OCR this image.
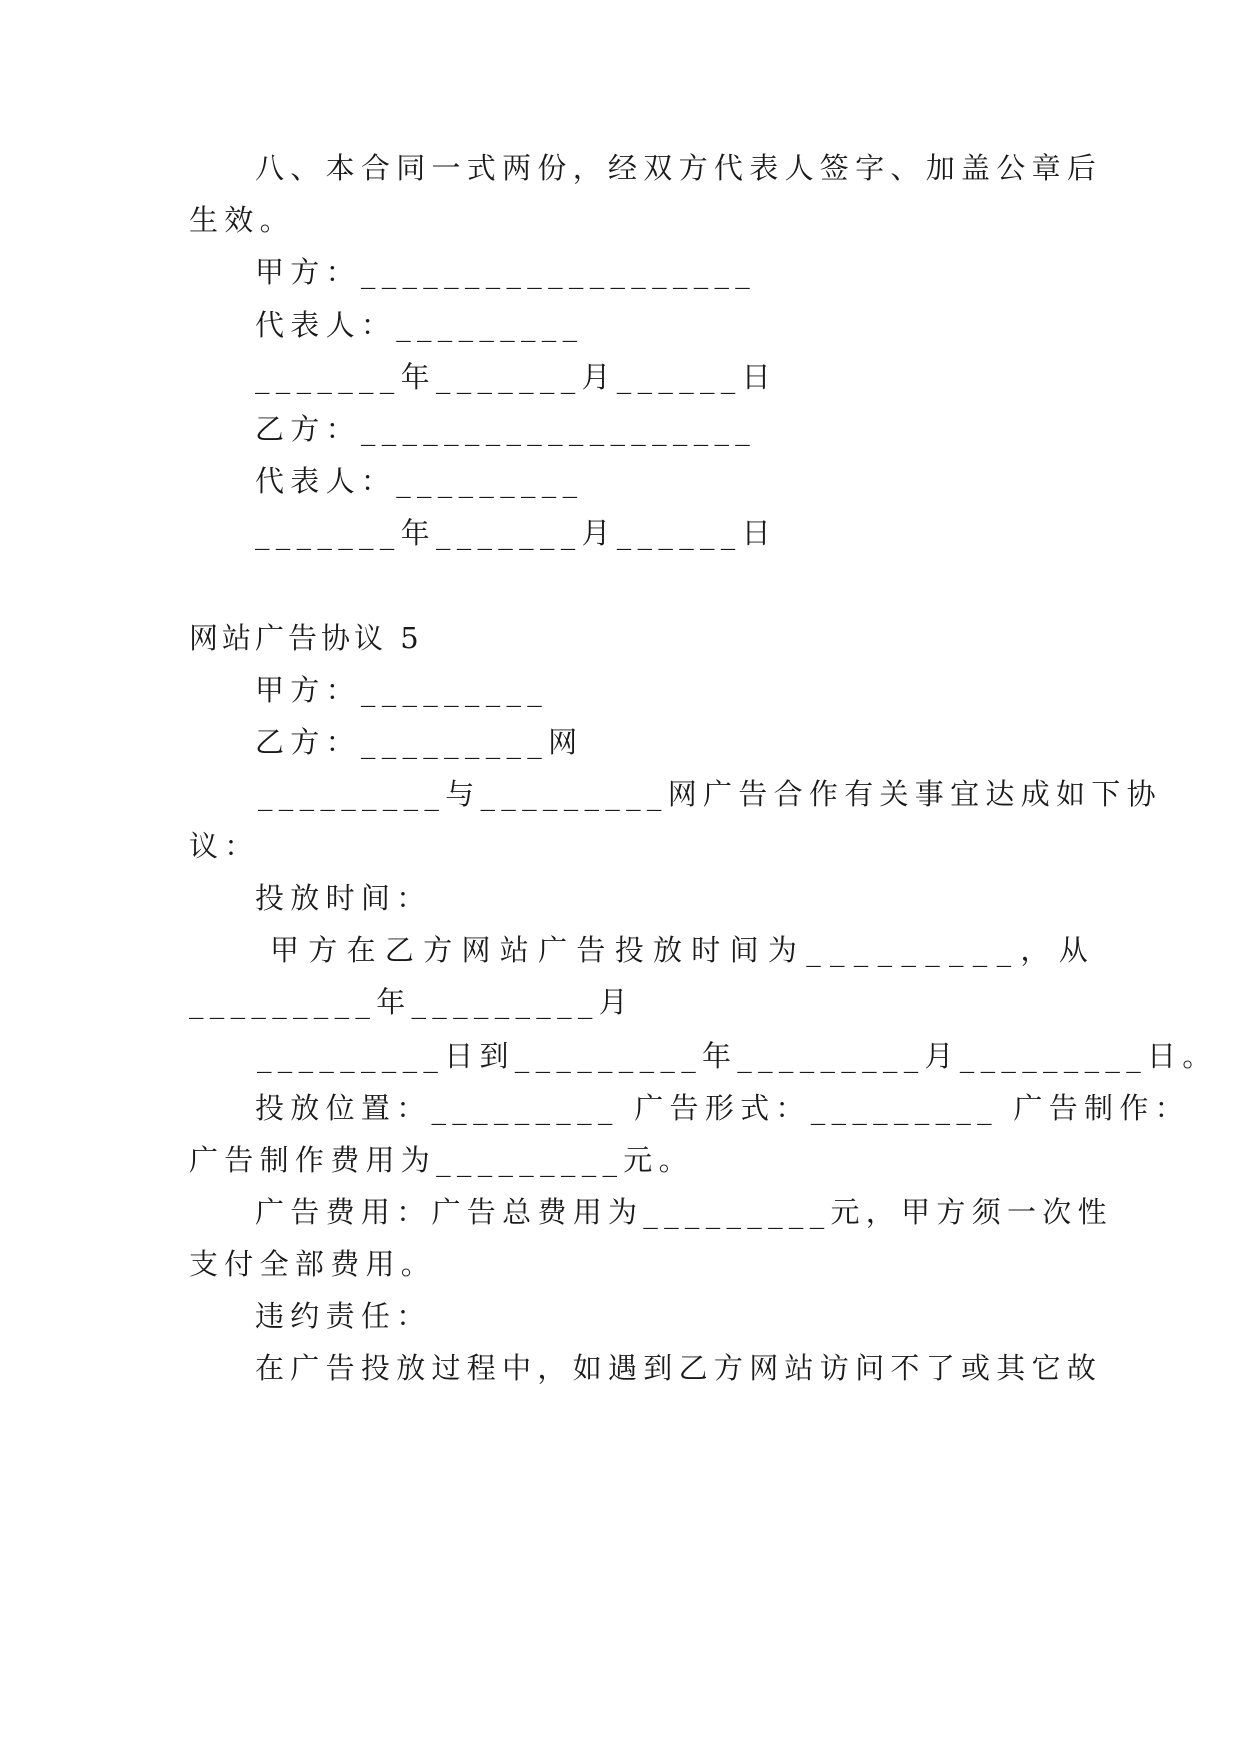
八、本合同一式两份，经双方代表人签字、加盖公章后

生效。

甲方：___________________

代表人：_________

_______年_______月______日

乙方：___________________

代表人：_________

_______年_______月______日

网站广告协议 5

甲方：_________

乙方：_________网

_________与_________网广告合作有关事宜达成如下协

议：

投放时间：

甲方在乙方网站广告投放时间为_________，从

_________年_________月

_________日到_________年_________月_________日。

投放位置：_________ 广告形式：_________ 广告制作：

广告制作费用为_________元。

广告费用：广告总费用为_________元，甲方须一次性

支付全部费用。

违约责任：

在广告投放过程中，如遇到乙方网站访问不了或其它故
